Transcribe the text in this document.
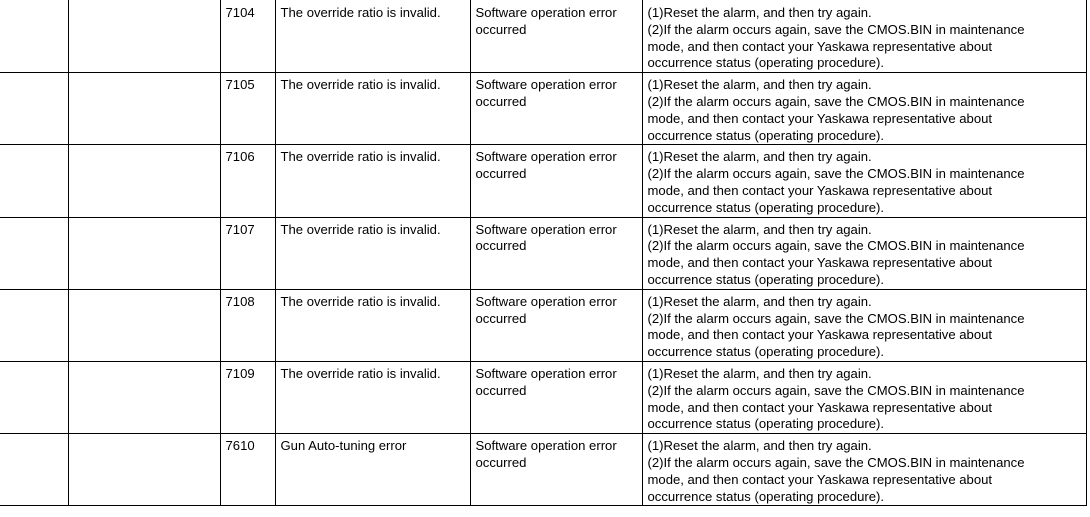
		7104	The override ratio is invalid.	Software operation error
occurred	(1)Reset the alarm, and then try again.
(2)If the alarm occurs again, save the CMOS.BIN in maintenance
mode, and then contact your Yaskawa representative about
occurrence status (operating procedure).

		7105	The override ratio is invalid.	Software operation error
occurred	(1)Reset the alarm, and then try again.
(2)If the alarm occurs again, save the CMOS.BIN in maintenance
mode, and then contact your Yaskawa representative about
occurrence status (operating procedure).

		7106	The override ratio is invalid.	Software operation error
occurred	(1)Reset the alarm, and then try again.
(2)If the alarm occurs again, save the CMOS.BIN in maintenance
mode, and then contact your Yaskawa representative about
occurrence status (operating procedure).

		7107	The override ratio is invalid.	Software operation error
occurred	(1)Reset the alarm, and then try again.
(2)If the alarm occurs again, save the CMOS.BIN in maintenance
mode, and then contact your Yaskawa representative about
occurrence status (operating procedure).

		7108	The override ratio is invalid.	Software operation error
occurred	(1)Reset the alarm, and then try again.
(2)If the alarm occurs again, save the CMOS.BIN in maintenance
mode, and then contact your Yaskawa representative about
occurrence status (operating procedure).

		7109	The override ratio is invalid.	Software operation error
occurred	(1)Reset the alarm, and then try again.
(2)If the alarm occurs again, save the CMOS.BIN in maintenance
mode, and then contact your Yaskawa representative about
occurrence status (operating procedure).

		7610	Gun Auto-tuning error	Software operation error
occurred	(1)Reset the alarm, and then try again.
(2)If the alarm occurs again, save the CMOS.BIN in maintenance
mode, and then contact your Yaskawa representative about
occurrence status (operating procedure).
